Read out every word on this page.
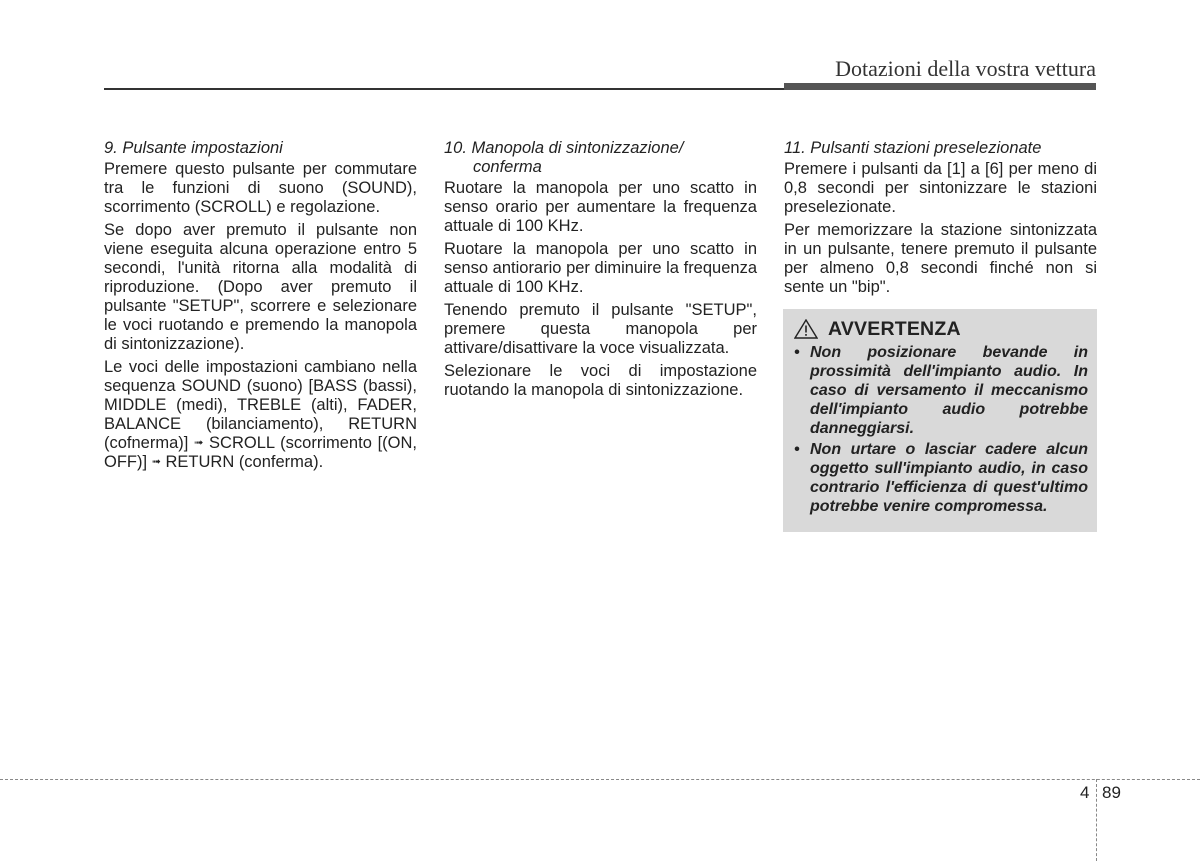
Dotazioni della vostra vettura
9. Pulsante impostazioni

Premere questo pulsante per commutare tra le funzioni di suono (SOUND), scorrimento (SCROLL) e regolazione.

Se dopo aver premuto il pulsante non viene eseguita alcuna operazione entro 5 secondi, l'unità ritorna alla modalità di riproduzione. (Dopo aver premuto il pulsante "SETUP", scorrere e selezionare le voci ruotando e premendo la manopola di sintonizzazione).

Le voci delle impostazioni cambiano nella sequenza SOUND (suono) [BASS (bassi), MIDDLE (medi), TREBLE (alti), FADER, BALANCE (bilanciamento), RETURN (cofnerma)] ➟ SCROLL (scorrimento [(ON, OFF)] ➟ RETURN (conferma).

10. Manopola di sintonizzazione/
conferma

Ruotare la manopola per uno scatto in senso orario per aumentare la frequenza attuale di 100 KHz.

Ruotare la manopola per uno scatto in senso antiorario per diminuire la frequenza attuale di 100 KHz.

Tenendo premuto il pulsante "SETUP", premere questa manopola per attivare/disattivare la voce visualizzata.

Selezionare le voci di impostazione ruotando la manopola di sintonizzazione.

11. Pulsanti stazioni preselezionate

Premere i pulsanti da [1] a [6] per meno di 0,8 secondi per sintonizzare le stazioni preselezionate.

Per memorizzare la stazione sintonizzata in un pulsante, tenere premuto il pulsante per almeno 0,8 secondi finché non si sente un "bip".

AVVERTENZA
• Non posizionare bevande in prossimità dell'impianto audio. In caso di versamento il meccanismo dell'impianto audio potrebbe danneggiarsi.
• Non urtare o lasciar cadere alcun oggetto sull'impianto audio, in caso contrario l'efficienza di quest'ultimo potrebbe venire compromessa.
4 89
